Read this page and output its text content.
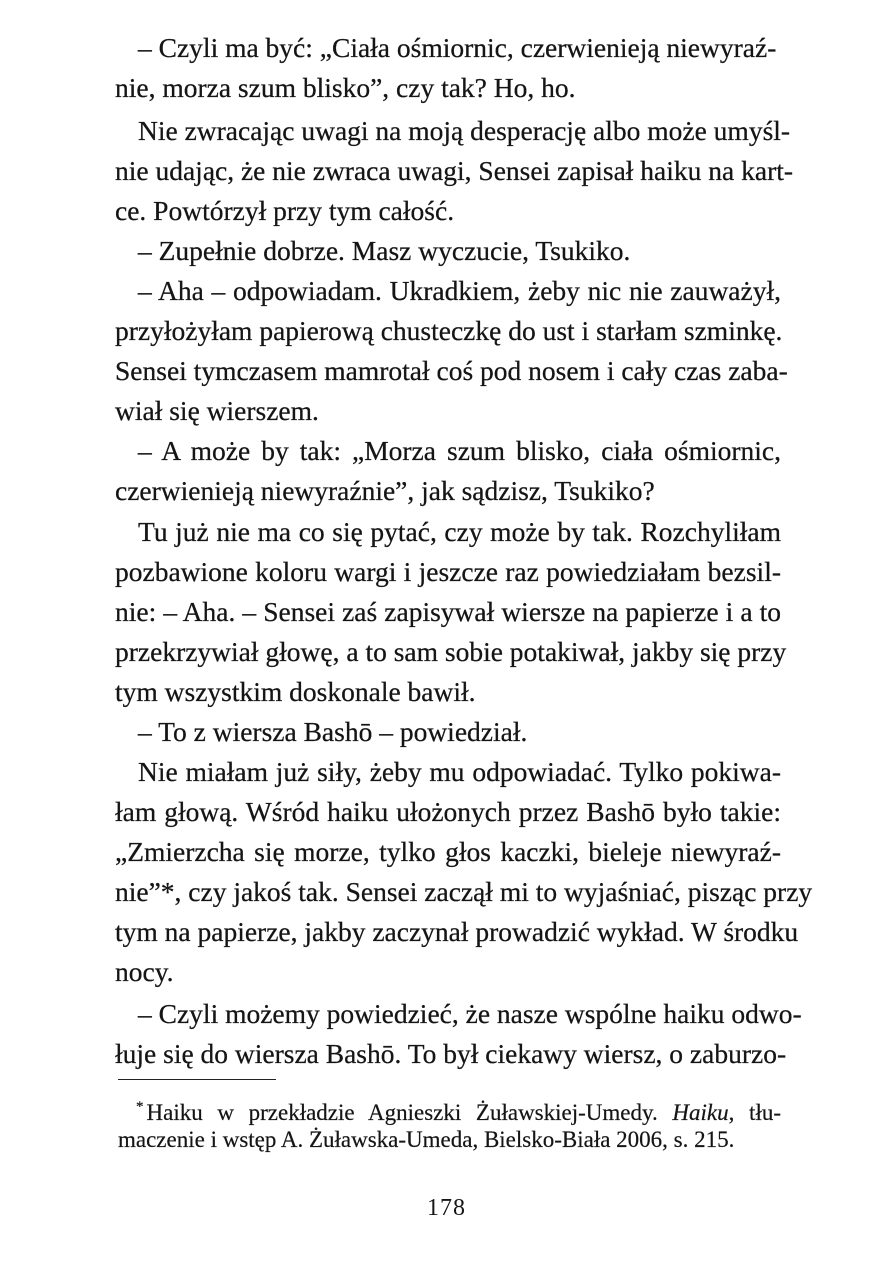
– Czyli ma być: „Ciała ośmiornic, czerwienieją niewyraź-
nie, morza szum blisko”, czy tak? Ho, ho.
Nie zwracając uwagi na moją desperację albo może umyśl-
nie udając, że nie zwraca uwagi, Sensei zapisał haiku na kart-
ce. Powtórzył przy tym całość.
– Zupełnie dobrze. Masz wyczucie, Tsukiko.
– Aha – odpowiadam. Ukradkiem, żeby nic nie zauważył,
przyłożyłam papierową chusteczkę do ust i starłam szminkę.
Sensei tymczasem mamrotał coś pod nosem i cały czas zaba-
wiał się wierszem.
– A może by tak: „Morza szum blisko, ciała ośmiornic,
czerwienieją niewyraźnie”, jak sądzisz, Tsukiko?
Tu już nie ma co się pytać, czy może by tak. Rozchyliłam
pozbawione koloru wargi i jeszcze raz powiedziałam bezsil-
nie: – Aha. – Sensei zaś zapisywał wiersze na papierze i a to
przekrzywiał głowę, a to sam sobie potakiwał, jakby się przy
tym wszystkim doskonale bawił.
– To z wiersza Bashō – powiedział.
Nie miałam już siły, żeby mu odpowiadać. Tylko pokiwa-
łam głową. Wśród haiku ułożonych przez Bashō było takie:
„Zmierzcha się morze, tylko głos kaczki, bieleje niewyraź-
nie”*, czy jakoś tak. Sensei zaczął mi to wyjaśniać, pisząc przy
tym na papierze, jakby zaczynał prowadzić wykład. W środku
nocy.
– Czyli możemy powiedzieć, że nasze wspólne haiku odwo-
łuje się do wiersza Bashō. To był ciekawy wiersz, o zaburzo-
* Haiku w przekładzie Agnieszki Żuławskiej-Umedy. Haiku, tłu-
maczenie i wstęp A. Żuławska-Umeda, Bielsko-Biała 2006, s. 215.
178
